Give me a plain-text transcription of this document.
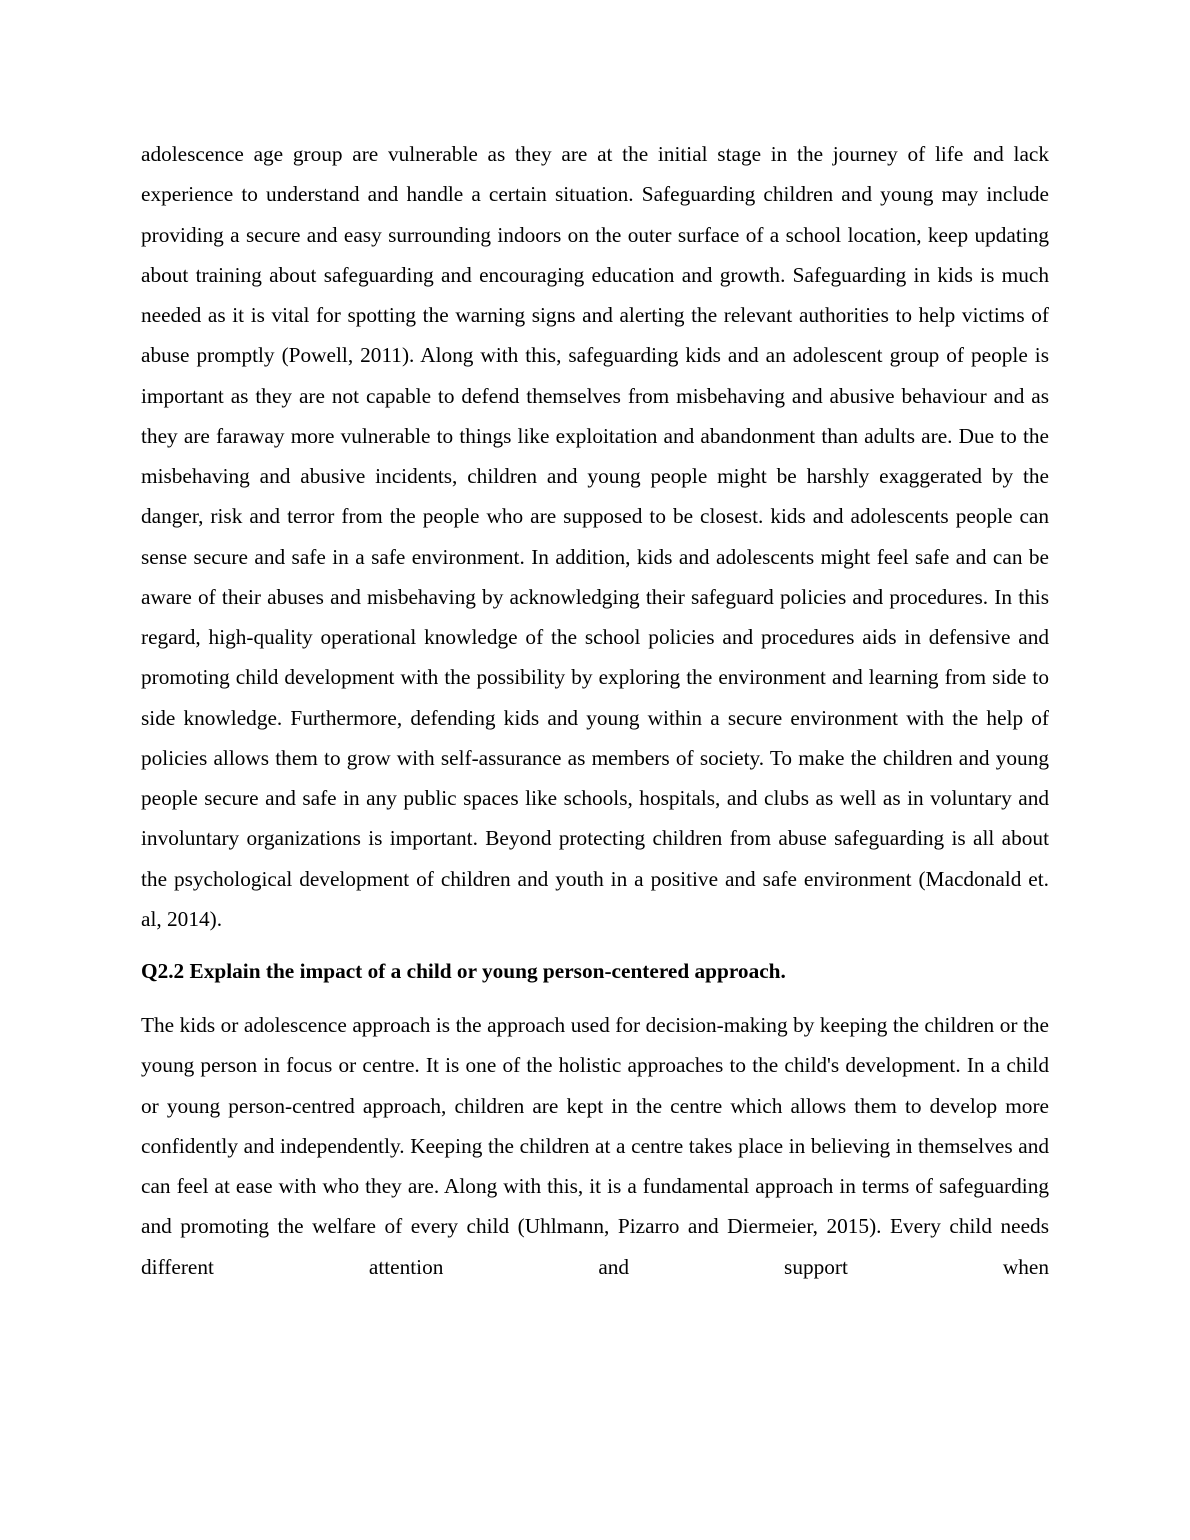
adolescence age group are vulnerable as they are at the initial stage in the journey of life and lack experience to understand and handle a certain situation. Safeguarding children and young may include providing a secure and easy surrounding indoors on the outer surface of a school location, keep updating about training about safeguarding and encouraging education and growth. Safeguarding in kids is much needed as it is vital for spotting the warning signs and alerting the relevant authorities to help victims of abuse promptly (Powell, 2011). Along with this, safeguarding kids and an adolescent group of people is important as they are not capable to defend themselves from misbehaving and abusive behaviour and as they are faraway more vulnerable to things like exploitation and abandonment than adults are. Due to the misbehaving and abusive incidents, children and young people might be harshly exaggerated by the danger, risk and terror from the people who are supposed to be closest. kids and adolescents people can sense secure and safe in a safe environment. In addition, kids and adolescents might feel safe and can be aware of their abuses and misbehaving by acknowledging their safeguard policies and procedures. In this regard, high-quality operational knowledge of the school policies and procedures aids in defensive and promoting child development with the possibility by exploring the environment and learning from side to side knowledge. Furthermore, defending kids and young within a secure environment with the help of policies allows them to grow with self-assurance as members of society. To make the children and young people secure and safe in any public spaces like schools, hospitals, and clubs as well as in voluntary and involuntary organizations is important. Beyond protecting children from abuse safeguarding is all about the psychological development of children and youth in a positive and safe environment (Macdonald et. al, 2014).

Q2.2 Explain the impact of a child or young person-centered approach.

The kids or adolescence approach is the approach used for decision-making by keeping the children or the young person in focus or centre. It is one of the holistic approaches to the child's development. In a child or young person-centred approach, children are kept in the centre which allows them to develop more confidently and independently. Keeping the children at a centre takes place in believing in themselves and can feel at ease with who they are. Along with this, it is a fundamental approach in terms of safeguarding and promoting the welfare of every child (Uhlmann, Pizarro and Diermeier, 2015). Every child needs different attention and support when
